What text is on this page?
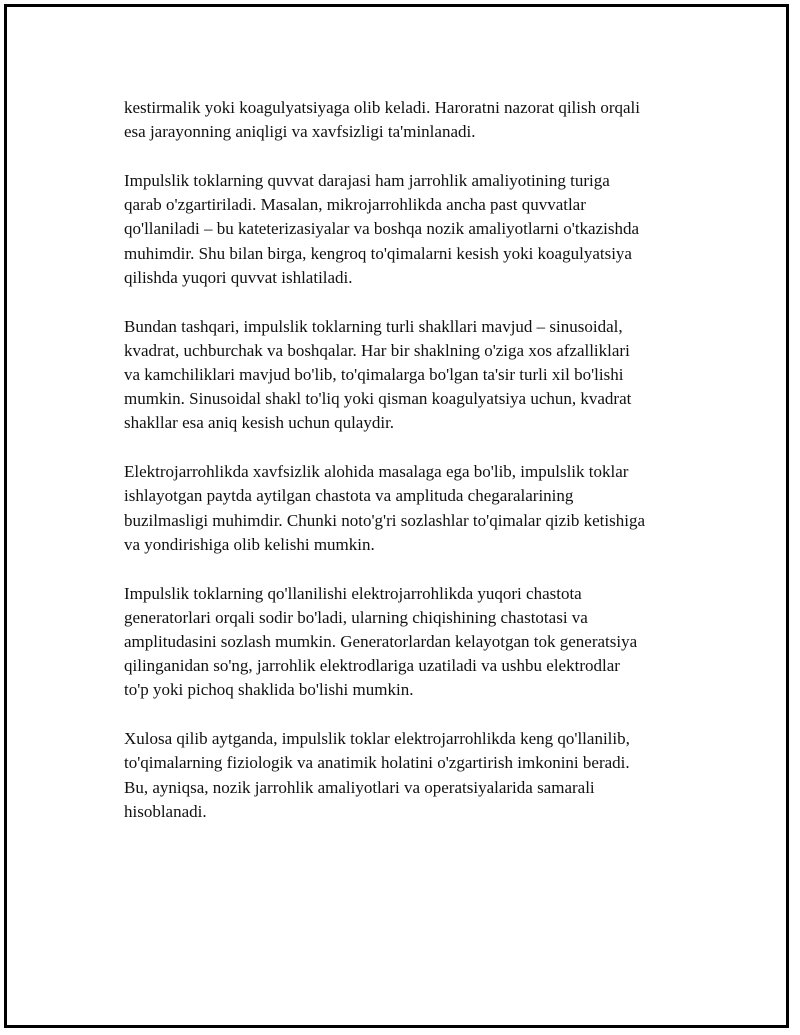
kestirmalik yoki koagulyatsiyaga olib keladi. Haroratni nazorat qilish orqali
esa jarayonning aniqligi va xavfsizligi ta'minlanadi.

Impulslik toklarning quvvat darajasi ham jarrohlik amaliyotining turiga
qarab o'zgartiriladi. Masalan, mikrojarrohlikda ancha past quvvatlar
qo'llaniladi – bu kateterizasiyalar va boshqa nozik amaliyotlarni o'tkazishda
muhimdir. Shu bilan birga, kengroq to'qimalarni kesish yoki koagulyatsiya
qilishda yuqori quvvat ishlatiladi.

Bundan tashqari, impulslik toklarning turli shakllari mavjud – sinusoidal,
kvadrat, uchburchak va boshqalar. Har bir shaklning o'ziga xos afzalliklari
va kamchiliklari mavjud bo'lib, to'qimalarga bo'lgan ta'sir turli xil bo'lishi
mumkin. Sinusoidal shakl to'liq yoki qisman koagulyatsiya uchun, kvadrat
shakllar esa aniq kesish uchun qulaydir.

Elektrojarrohlikda xavfsizlik alohida masalaga ega bo'lib, impulslik toklar
ishlayotgan paytda aytilgan chastota va amplituda chegaralarining
buzilmasligi muhimdir. Chunki noto'g'ri sozlashlar to'qimalar qizib ketishiga
va yondirishiga olib kelishi mumkin.

Impulslik toklarning qo'llanilishi elektrojarrohlikda yuqori chastota
generatorlari orqali sodir bo'ladi, ularning chiqishining chastotasi va
amplitudasini sozlash mumkin. Generatorlardan kelayotgan tok generatsiya
qilinganidan so'ng, jarrohlik elektrodlariga uzatiladi va ushbu elektrodlar
to'p yoki pichoq shaklida bo'lishi mumkin.

Xulosa qilib aytganda, impulslik toklar elektrojarrohlikda keng qo'llanilib,
to'qimalarning fiziologik va anatimik holatini o'zgartirish imkonini beradi.
Bu, ayniqsa, nozik jarrohlik amaliyotlari va operatsiyalarida samarali
hisoblanadi.
